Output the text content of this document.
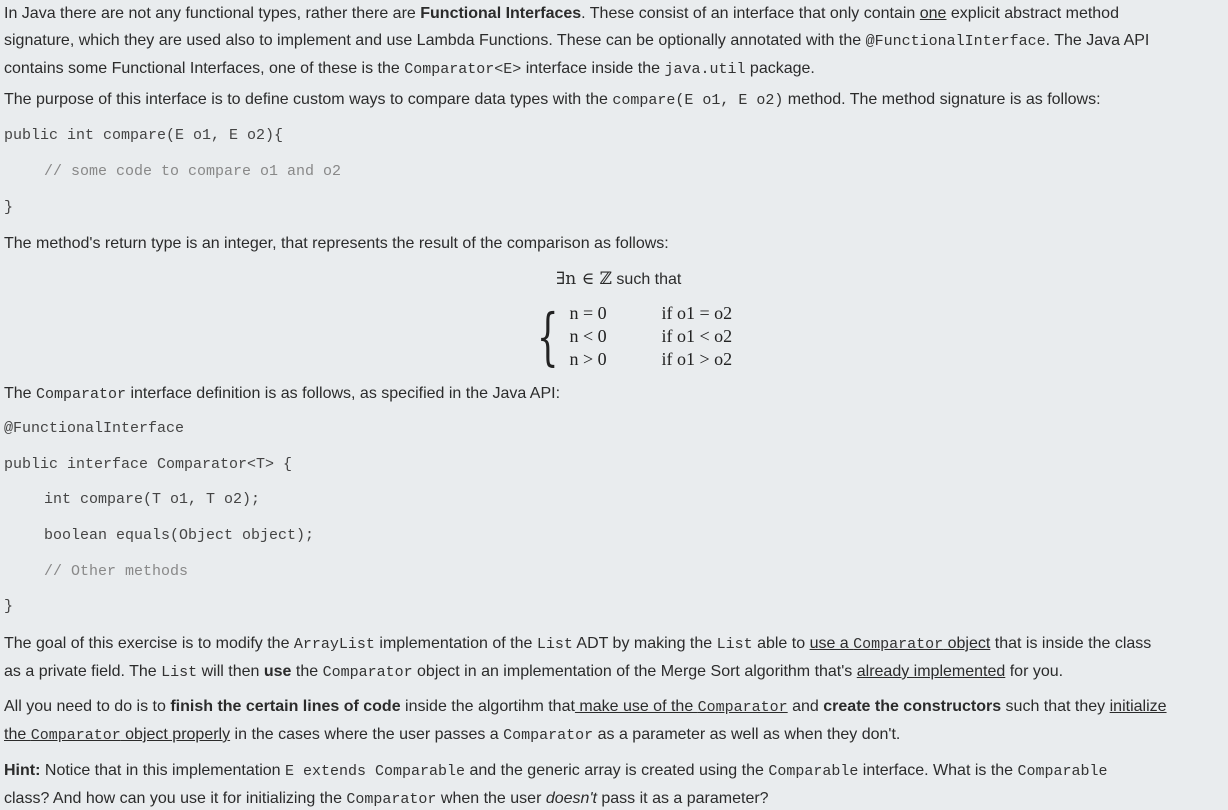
In Java there are not any functional types, rather there are Functional Interfaces. These consist of an interface that only contain one explicit abstract method

signature, which they are used also to implement and use Lambda Functions. These can be optionally annotated with the @FunctionalInterface. The Java API

contains some Functional Interfaces, one of these is the Comparator<E> interface inside the java.util package.

The purpose of this interface is to define custom ways to compare data types with the compare(E o1, E o2) method. The method signature is as follows:

public int compare(E o1, E o2){
// some code to compare o1 and o2
}

The method's return type is an integer, that represents the result of the comparison as follows:

∃n ∈ ℤ such that
{ n = 0
n < 0
n > 0
if o1 = o2
if o1 < o2
if o1 > o2

The Comparator interface definition is as follows, as specified in the Java API:

@FunctionalInterface
public interface Comparator<T> {
int compare(T o1, T o2);
boolean equals(Object object);
// Other methods
}

The goal of this exercise is to modify the ArrayList implementation of the List ADT by making the List able to use a Comparator object that is inside the class

as a private field. The List will then use the Comparator object in an implementation of the Merge Sort algorithm that's already implemented for you.

All you need to do is to finish the certain lines of code inside the algortihm that make use of the Comparator and create the constructors such that they initialize

the Comparator object properly in the cases where the user passes a Comparator as a parameter as well as when they don't.

Hint: Notice that in this implementation E extends Comparable and the generic array is created using the Comparable interface. What is the Comparable

class? And how can you use it for initializing the Comparator when the user doesn't pass it as a parameter?
